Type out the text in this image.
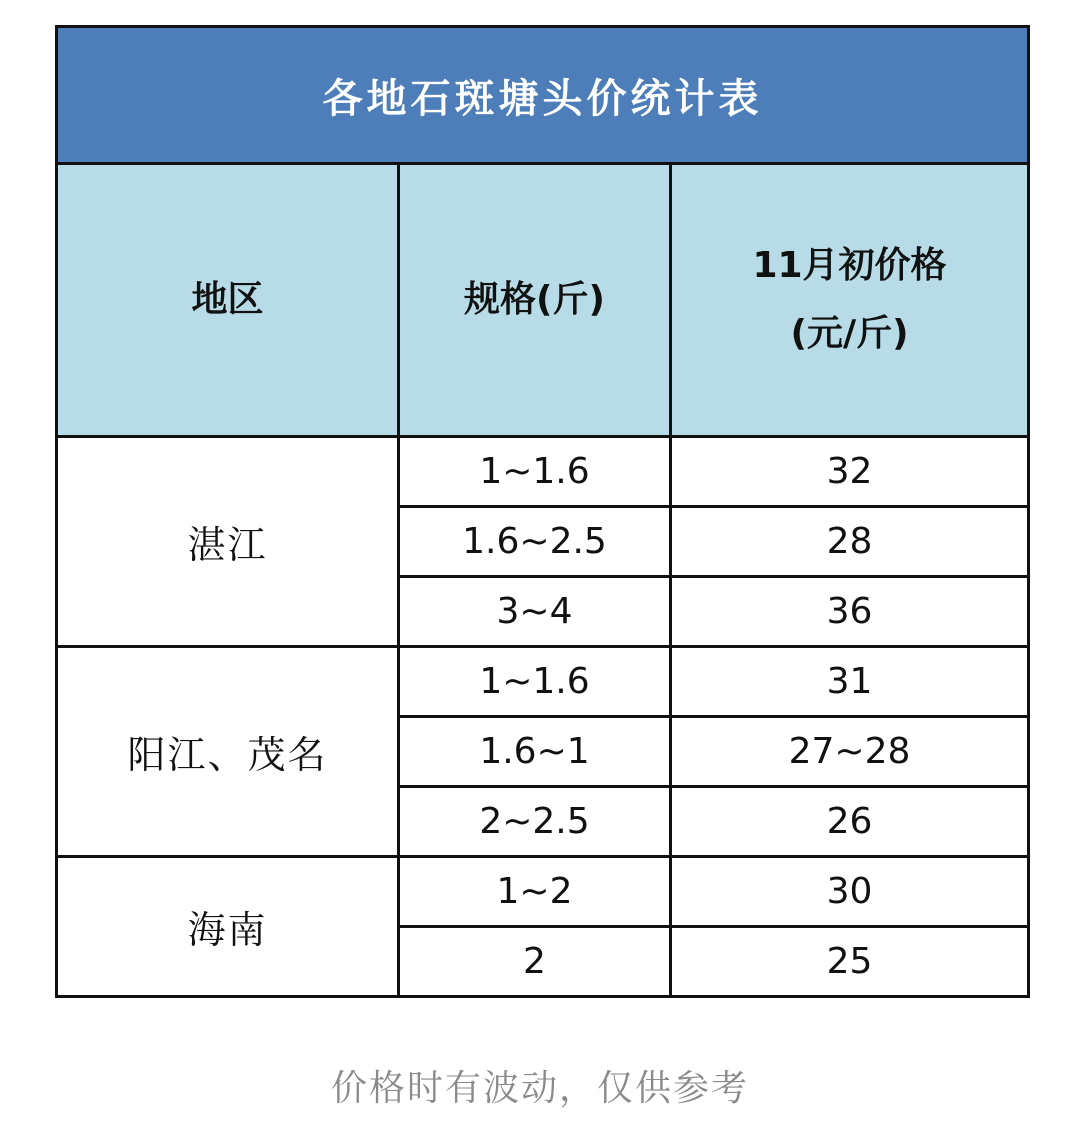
各地石斑塘头价统计表		
地区	规格(斤)	11月初价格
(元/斤)

湛江	1~1.6	32
	1.6~2.5	28
	3~4	36
阳江、茂名	1~1.6	31
	1.6~1	27~28
	2~2.5	26
海南	1~2	30
	2	25
价格时有波动，仅供参考
